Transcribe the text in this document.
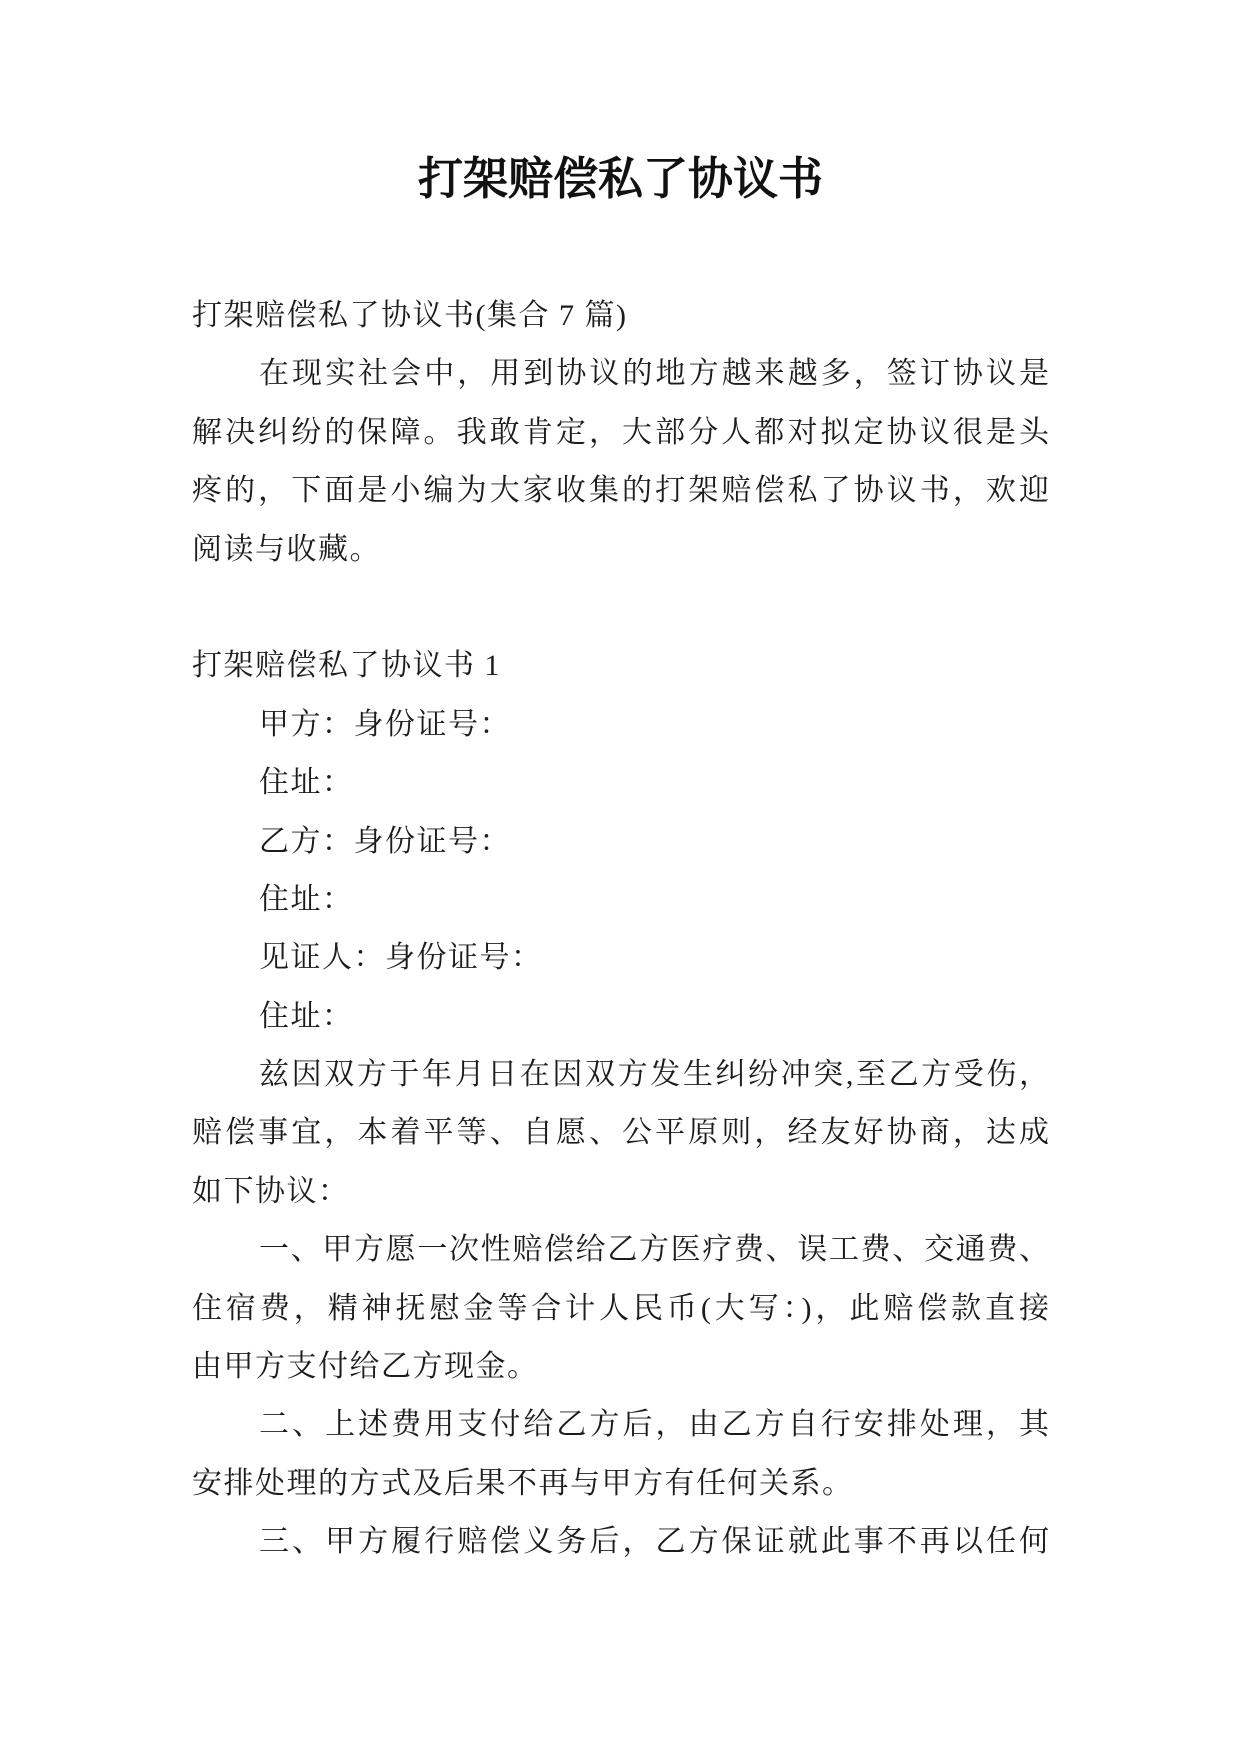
打架赔偿私了协议书
打架赔偿私了协议书(集合 7 篇)
在现实社会中，用到协议的地方越来越多，签订协议是
解决纠纷的保障。我敢肯定，大部分人都对拟定协议很是头
疼的，下面是小编为大家收集的打架赔偿私了协议书，欢迎
阅读与收藏。
打架赔偿私了协议书 1
甲方：身份证号：
住址：
乙方：身份证号：
住址：
见证人：身份证号：
住址：
兹因双方于年月日在因双方发生纠纷冲突,至乙方受伤，
赔偿事宜，本着平等、自愿、公平原则，经友好协商，达成
如下协议：
一、甲方愿一次性赔偿给乙方医疗费、误工费、交通费、
住宿费，精神抚慰金等合计人民币(大写：)，此赔偿款直接
由甲方支付给乙方现金。
二、上述费用支付给乙方后，由乙方自行安排处理，其
安排处理的方式及后果不再与甲方有任何关系。
三、甲方履行赔偿义务后，乙方保证就此事不再以任何
